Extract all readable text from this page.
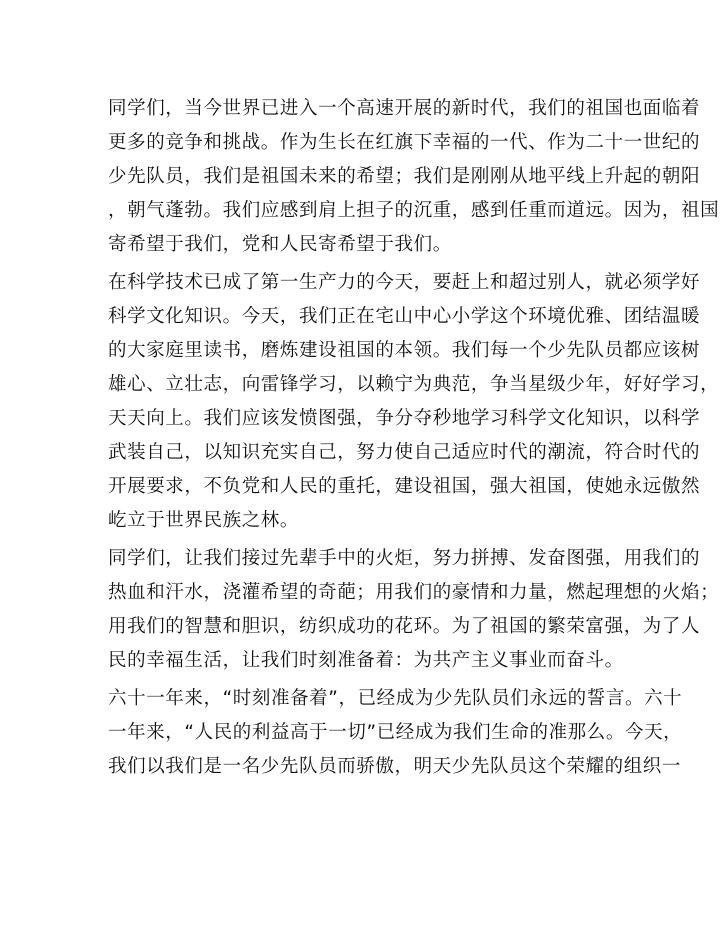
同学们，当今世界已进入一个高速开展的新时代，我们的祖国也面临着
更多的竞争和挑战。作为生长在红旗下幸福的一代、作为二十一世纪的
少先队员，我们是祖国未来的希望；我们是刚刚从地平线上升起的朝阳
，朝气蓬勃。我们应感到肩上担子的沉重，感到任重而道远。因为，祖国
寄希望于我们，党和人民寄希望于我们。
在科学技术已成了第一生产力的今天，要赶上和超过别人，就必须学好
科学文化知识。今天，我们正在宅山中心小学这个环境优雅、团结温暖
的大家庭里读书，磨炼建设祖国的本领。我们每一个少先队员都应该树
雄心、立壮志，向雷锋学习，以赖宁为典范，争当星级少年，好好学习，
天天向上。我们应该发愤图强，争分夺秒地学习科学文化知识，以科学
武装自己，以知识充实自己，努力使自己适应时代的潮流，符合时代的
开展要求，不负党和人民的重托，建设祖国，强大祖国，使她永远傲然
屹立于世界民族之林。
同学们，让我们接过先辈手中的火炬，努力拼搏、发奋图强，用我们的
热血和汗水，浇灌希望的奇葩；用我们的豪情和力量，燃起理想的火焰；
用我们的智慧和胆识，纺织成功的花环。为了祖国的繁荣富强，为了人
民的幸福生活，让我们时刻准备着：为共产主义事业而奋斗。
六十一年来，“时刻准备着”，已经成为少先队员们永远的誓言。六十
一年来，“人民的利益高于一切”已经成为我们生命的准那么。今天，
我们以我们是一名少先队员而骄傲，明天少先队员这个荣耀的组织一
